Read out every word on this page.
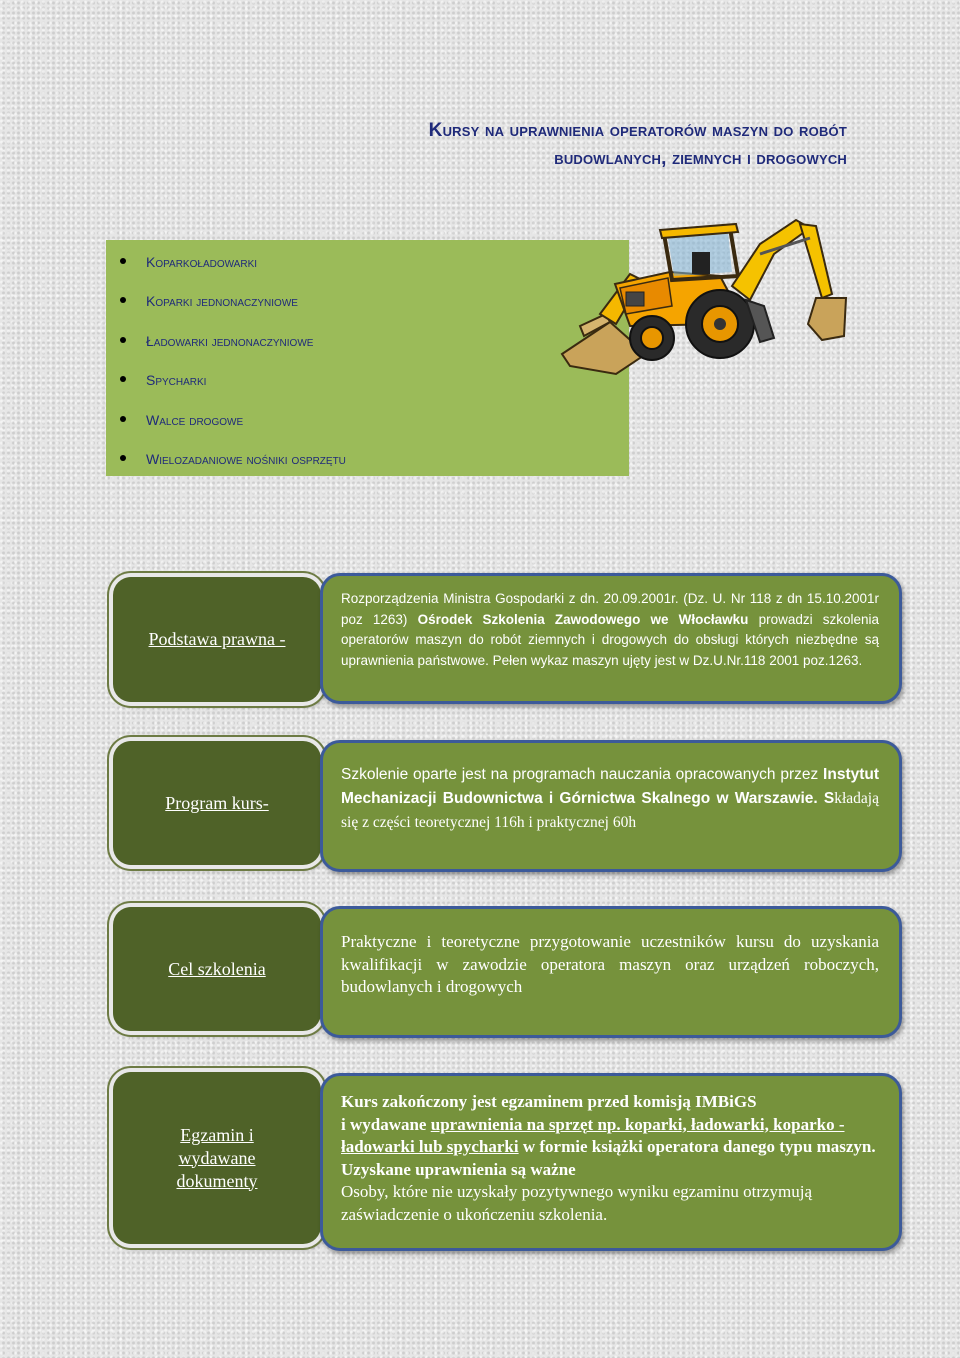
Kursy na uprawnienia operatorów maszyn do robót
budowlanych, ziemnych i drogowych
Koparkoładowarki
Koparki jednonaczyniowe
Ładowarki jednonaczyniowe
Spycharki
Walce drogowe
Wielozadaniowe nośniki osprzętu
Podstawa prawna -
Rozporządzenia Ministra Gospodarki z dn. 20.09.2001r. (Dz. U. Nr 118 z dn 15.10.2001r poz 1263) Ośrodek Szkolenia Zawodowego we Włocławku prowadzi szkolenia operatorów maszyn do robót ziemnych i drogowych do obsługi których niezbędne są uprawnienia państwowe. Pełen wykaz maszyn ujęty jest w Dz.U.Nr.118 2001 poz.1263.
Program kurs-
Szkolenie oparte jest na programach nauczania opracowanych przez Instytut Mechanizacji Budownictwa i Górnictwa Skalnego w Warszawie. Składają się z części teoretycznej 116h i praktycznej 60h
Cel szkolenia
Praktyczne i teoretyczne przygotowanie uczestników kursu do uzyskania kwalifikacji w zawodzie operatora maszyn oraz urządzeń roboczych, budowlanych i drogowych
Egzamin i wydawane dokumenty
Kurs zakończony jest egzaminem przed komisją IMBiGS
i wydawane uprawnienia na sprzęt np. koparki, ładowarki, koparko - ładowarki lub spycharki w formie książki operatora danego typu maszyn. Uzyskane uprawnienia są ważne
Osoby, które nie uzyskały pozytywnego wyniku egzaminu otrzymują zaświadczenie o ukończeniu szkolenia.
